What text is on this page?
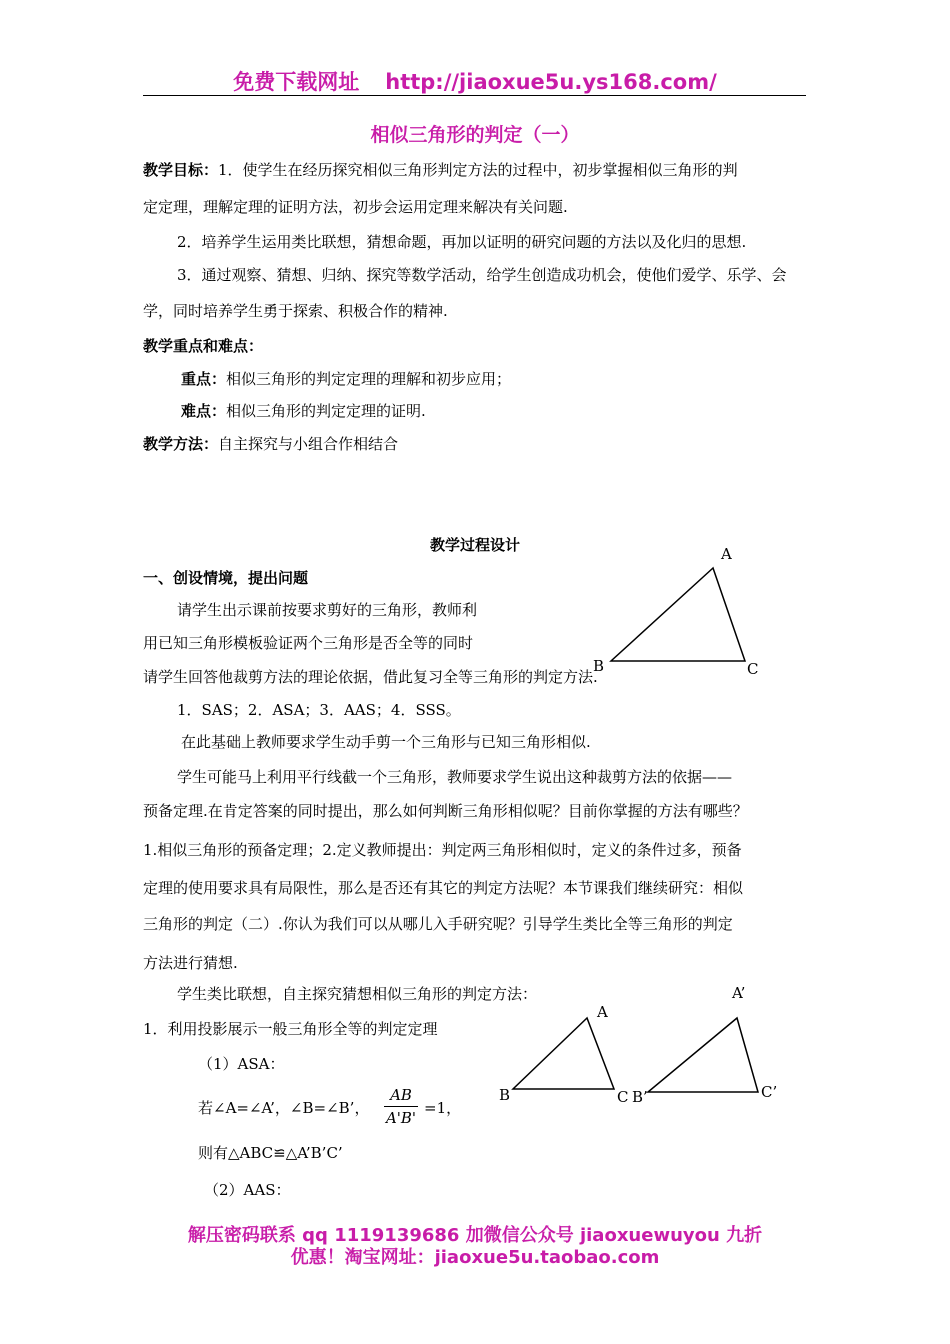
免费下载网址 http://jiaoxue5u.ys168.com/
相似三角形的判定（一）
教学目标：1．使学生在经历探究相似三角形判定方法的过程中，初步掌握相似三角形的判
定定理，理解定理的证明方法，初步会运用定理来解决有关问题.
2．培养学生运用类比联想，猜想命题，再加以证明的研究问题的方法以及化归的思想.
3．通过观察、猜想、归纳、探究等数学活动，给学生创造成功机会，使他们爱学、乐学、会
学，同时培养学生勇于探索、积极合作的精神.
教学重点和难点：
重点：相似三角形的判定定理的理解和初步应用；
难点：相似三角形的判定定理的证明.
教学方法：自主探究与小组合作相结合
教学过程设计
一、创设情境，提出问题
请学生出示课前按要求剪好的三角形，教师利
用已知三角形模板验证两个三角形是否全等的同时
请学生回答他裁剪方法的理论依据，借此复习全等三角形的判定方法.
1．SAS；2．ASA；3．AAS；4．SSS。
在此基础上教师要求学生动手剪一个三角形与已知三角形相似.
学生可能马上利用平行线截一个三角形，教师要求学生说出这种裁剪方法的依据——
预备定理.在肯定答案的同时提出，那么如何判断三角形相似呢？目前你掌握的方法有哪些？
1.相似三角形的预备定理；2.定义教师提出：判定两三角形相似时，定义的条件过多，预备
定理的使用要求具有局限性，那么是否还有其它的判定方法呢？本节课我们继续研究：相似
三角形的判定（二）.你认为我们可以从哪儿入手研究呢？引导学生类比全等三角形的判定
方法进行猜想.
学生类比联想，自主探究猜想相似三角形的判定方法：
1．利用投影展示一般三角形全等的判定定理
（1）ASA：
若∠A=∠A’，∠B=∠B’，
AB
A'B'
=1，
则有△ABC≌△A’B’C’
（2）AAS：
A
B	C
A
B	C
A’
B’	C’
解压密码联系 qq 1119139686 加微信公众号 jiaoxuewuyou 九折
优惠！淘宝网址：jiaoxue5u.taobao.com
